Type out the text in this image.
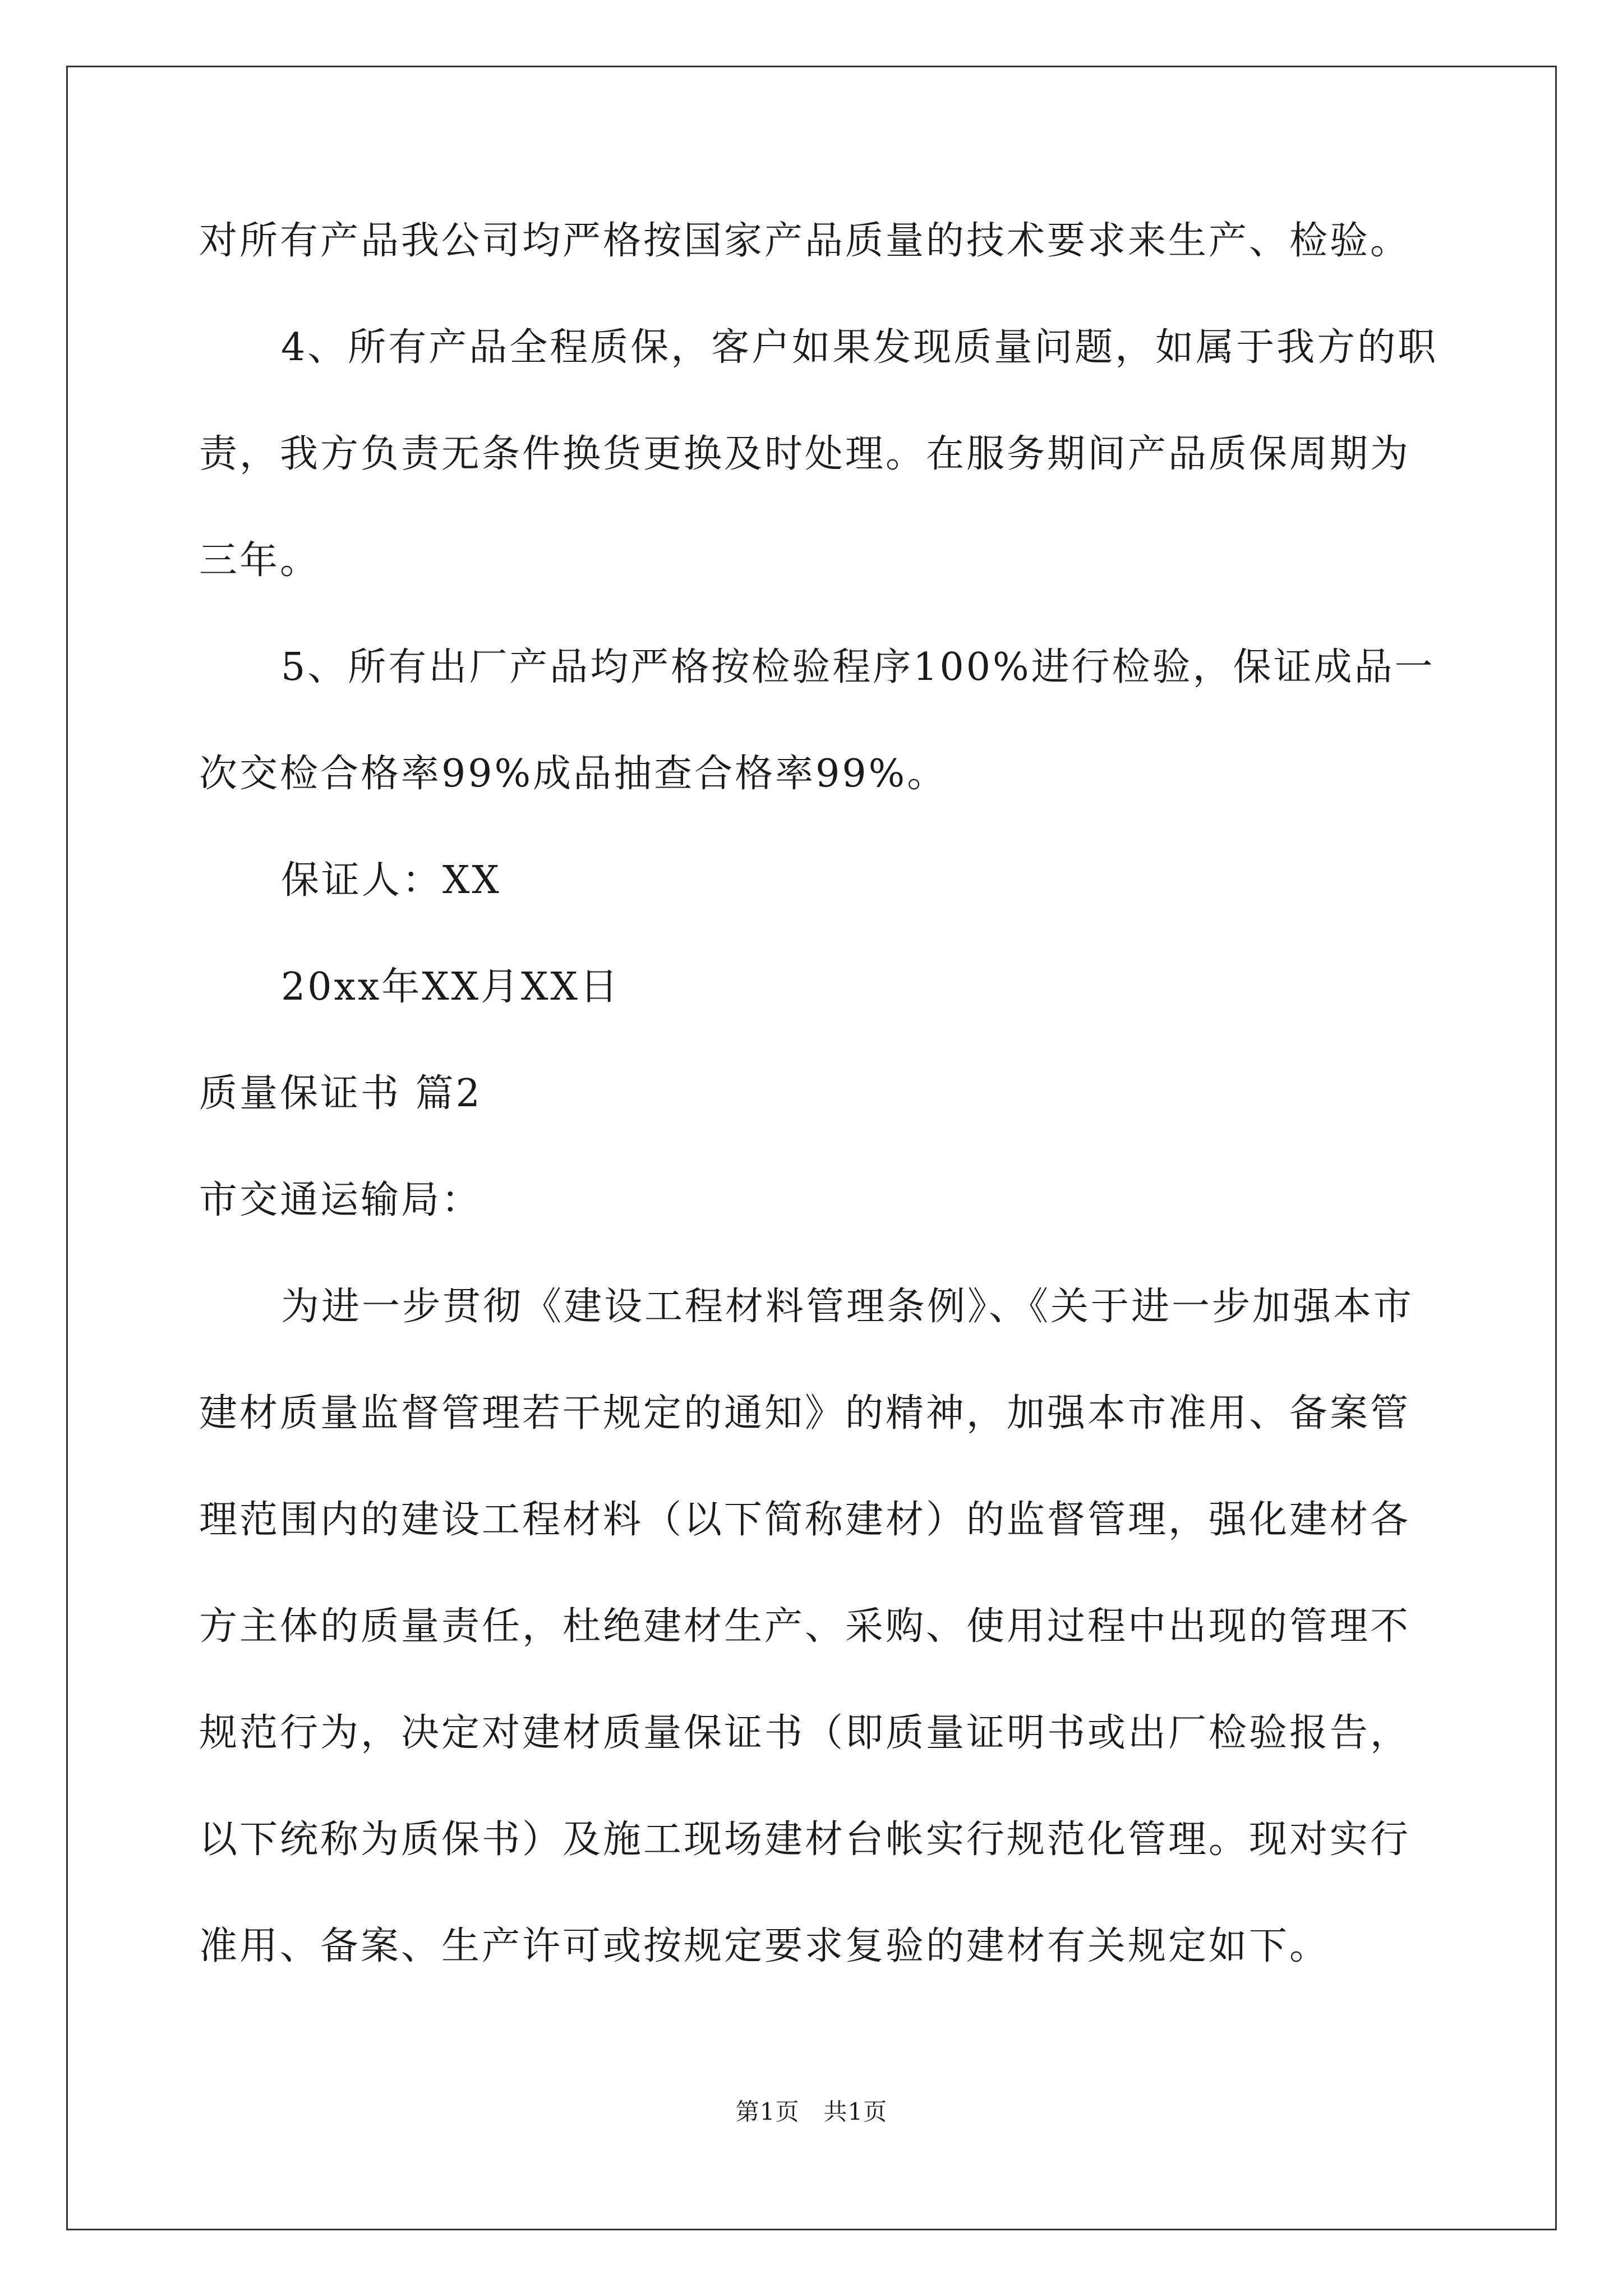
对所有产品我公司均严格按国家产品质量的技术要求来生产、检验。
4、所有产品全程质保，客户如果发现质量问题，如属于我方的职
责，我方负责无条件换货更换及时处理。在服务期间产品质保周期为
三年。
5、所有出厂产品均严格按检验程序100%进行检验，保证成品一
次交检合格率99%成品抽查合格率99%。
保证人：XX
20xx年XX月XX日
质量保证书 篇2
市交通运输局：
为进一步贯彻《建设工程材料管理条例》、《关于进一步加强本市
建材质量监督管理若干规定的通知》的精神，加强本市准用、备案管
理范围内的建设工程材料（以下简称建材）的监督管理，强化建材各
方主体的质量责任，杜绝建材生产、采购、使用过程中出现的管理不
规范行为，决定对建材质量保证书（即质量证明书或出厂检验报告，
以下统称为质保书）及施工现场建材台帐实行规范化管理。现对实行
准用、备案、生产许可或按规定要求复验的建材有关规定如下。
第1页　共1页
